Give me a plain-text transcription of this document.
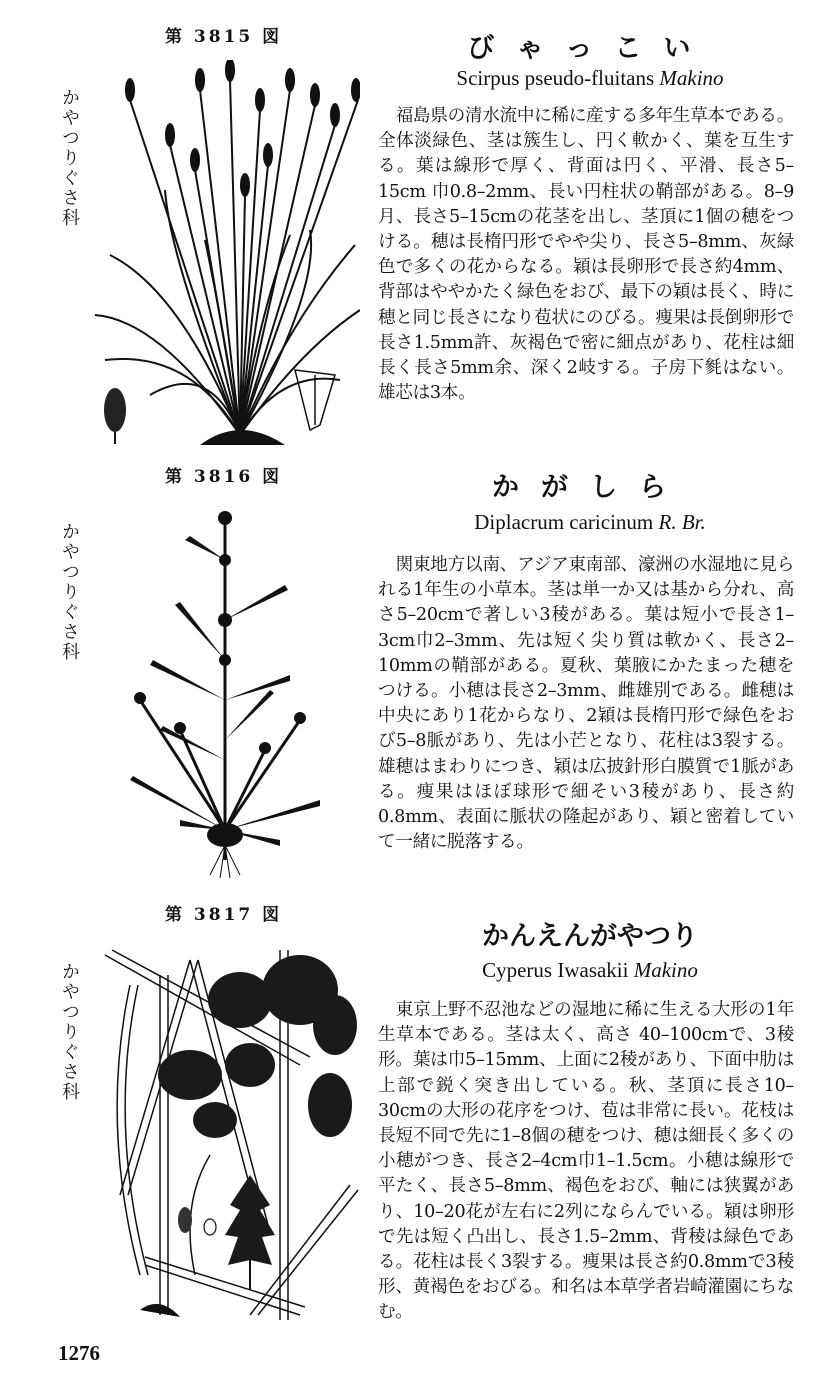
第 3815 図
かやつりぐさ科
びゃっこい
Scirpus pseudo-fluitans Makino

福島県の清水流中に稀に産する多年生草本である。全体淡緑色、茎は簇生し、円く軟かく、葉を互生する。葉は線形で厚く、背面は円く、平滑、長さ5–15cm 巾0.8–2mm、長い円柱状の鞘部がある。8–9月、長さ5–15cmの花茎を出し、茎頂に1個の穂をつける。穂は長楕円形でやや尖り、長さ5–8mm、灰緑色で多くの花からなる。穎は長卵形で長さ約4mm、背部はややかたく緑色をおび、最下の穎は長く、時に穂と同じ長さになり苞状にのびる。痩果は長倒卵形で長さ1.5mm許、灰褐色で密に細点があり、花柱は細長く長さ5mm余、深く2岐する。子房下毿はない。雄芯は3本。

第 3816 図
かやつりぐさ科
かがしら
Diplacrum caricinum R. Br.

関東地方以南、アジア東南部、濠洲の水湿地に見られる1年生の小草本。茎は単一か又は基から分れ、高さ5–20cmで著しい3稜がある。葉は短小で長さ1–3cm巾2–3mm、先は短く尖り質は軟かく、長さ2–10mmの鞘部がある。夏秋、葉腋にかたまった穂をつける。小穂は長さ2–3mm、雌雄別である。雌穂は中央にあり1花からなり、2穎は長楕円形で緑色をおび5–8脈があり、先は小芒となり、花柱は3裂する。雄穂はまわりにつき、穎は広披針形白膜質で1脈がある。痩果はほぼ球形で細そい3稜があり、長さ約0.8mm、表面に脈状の隆起があり、穎と密着していて一緒に脱落する。

第 3817 図
かやつりぐさ科
かんえんがやつり
Cyperus Iwasakii Makino

東京上野不忍池などの湿地に稀に生える大形の1年生草本である。茎は太く、高さ 40–100cmで、3稜形。葉は巾5–15mm、上面に2稜があり、下面中肋は上部で鋭く突き出している。秋、茎頂に長さ10–30cmの大形の花序をつけ、苞は非常に長い。花枝は長短不同で先に1–8個の穂をつけ、穂は細長く多くの小穂がつき、長さ2–4cm巾1–1.5cm。小穂は線形で平たく、長さ5–8mm、褐色をおび、軸には狭翼があり、10–20花が左右に2列にならんでいる。穎は卵形で先は短く凸出し、長さ1.5–2mm、背稜は緑色である。花柱は長く3裂する。痩果は長さ約0.8mmで3稜形、黄褐色をおびる。和名は本草学者岩崎灌園にちなむ。

1276
